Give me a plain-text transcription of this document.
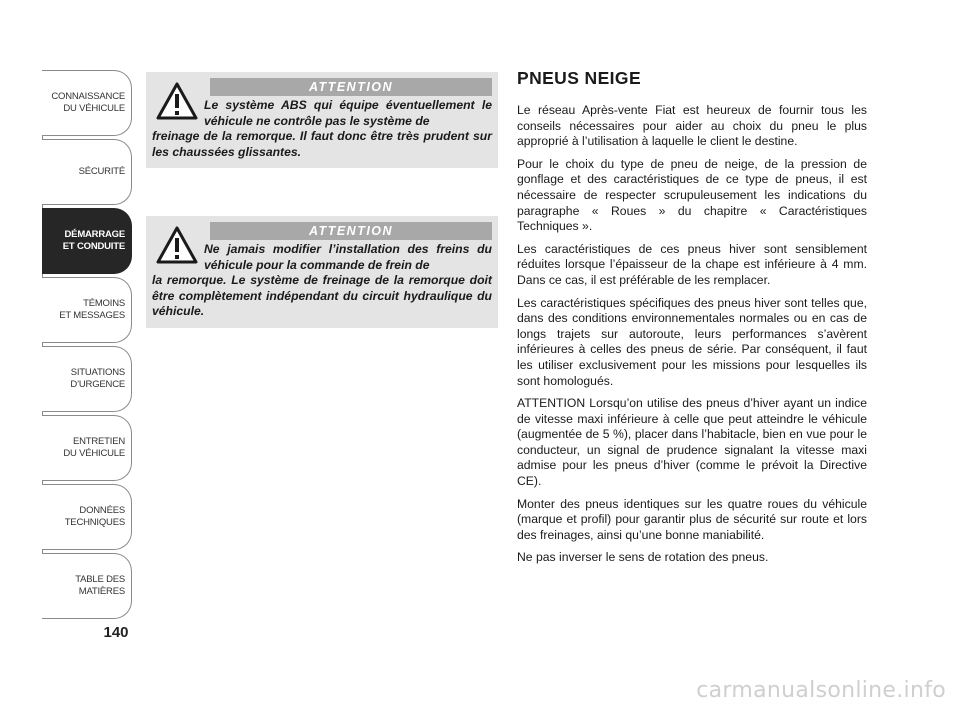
CONNAISSANCE
DU VÉHICULE
SÉCURITÉ
DÉMARRAGE
ET CONDUITE
TÉMOINS
ET MESSAGES
SITUATIONS
D’URGENCE
ENTRETIEN
DU VÉHICULE
DONNÉES
TECHNIQUES
TABLE DES
MATIÈRES
140
ATTENTION
Le système ABS qui équipe éventuellement le véhicule ne contrôle pas le système de
freinage de la remorque. Il faut donc être très prudent sur les chaussées glissantes.
ATTENTION
Ne jamais modifier l’installation des freins du véhicule pour la commande de frein de
la remorque. Le système de freinage de la remorque doit être complètement indépendant du circuit hydraulique du véhicule.
PNEUS NEIGE

Le réseau Après-vente Fiat est heureux de fournir tous les conseils nécessaires pour aider au choix du pneu le plus approprié à l’utilisation à laquelle le client le destine.

Pour le choix du type de pneu de neige, de la pression de gonflage et des caractéristiques de ce type de pneus, il est nécessaire de respecter scrupuleusement les indications du paragraphe « Roues » du chapitre « Caractéristiques Techniques ».

Les caractéristiques de ces pneus hiver sont sensiblement réduites lorsque l’épaisseur de la chape est inférieure à 4 mm. Dans ce cas, il est préférable de les remplacer.

Les caractéristiques spécifiques des pneus hiver sont telles que, dans des conditions environnementales normales ou en cas de longs trajets sur autoroute, leurs performances s’avèrent inférieures à celles des pneus de série. Par conséquent, il faut les utiliser exclusivement pour les missions pour lesquelles ils sont homologués.

ATTENTION Lorsqu’on utilise des pneus d’hiver ayant un indice de vitesse maxi inférieure à celle que peut atteindre le véhicule (augmentée de 5 %), placer dans l’habitacle, bien en vue pour le conducteur, un signal de prudence signalant la vitesse maxi admise pour les pneus d’hiver (comme le prévoit la Directive CE).

Monter des pneus identiques sur les quatre roues du véhicule (marque et profil) pour garantir plus de sécurité sur route et lors des freinages, ainsi qu’une bonne maniabilité.

Ne pas inverser le sens de rotation des pneus.

carmanualsonline.info
